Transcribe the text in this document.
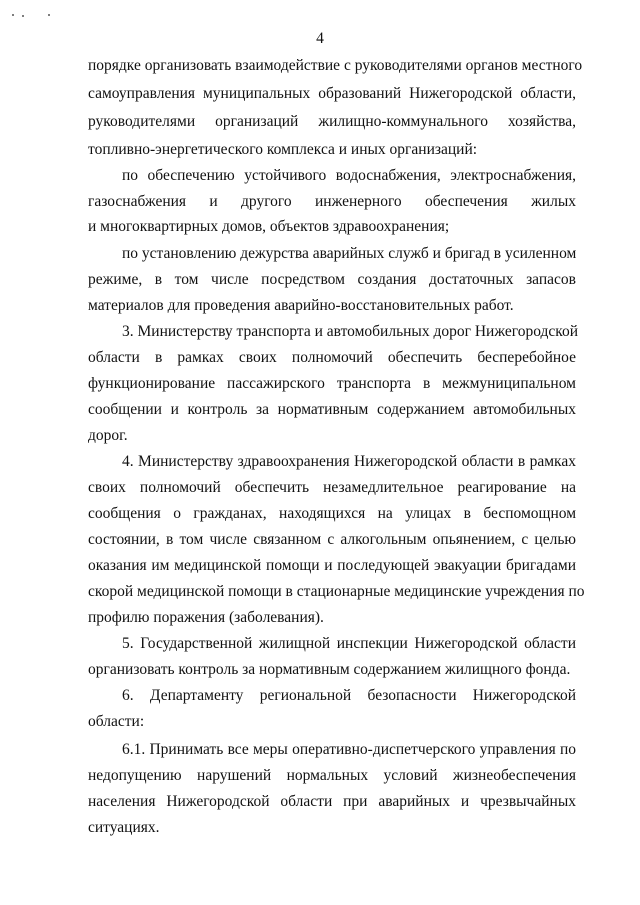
4
порядке организовать взаимодействие с руководителями органов местного
самоуправления муниципальных образований Нижегородской области,
руководителями организаций жилищно-коммунального хозяйства,
топливно-энергетического комплекса и иных организаций:
по обеспечению устойчивого водоснабжения, электроснабжения,
газоснабжения и другого инженерного обеспечения жилых
и многоквартирных домов, объектов здравоохранения;
по установлению дежурства аварийных служб и бригад в усиленном
режиме, в том числе посредством создания достаточных запасов
материалов для проведения аварийно-восстановительных работ.
3. Министерству транспорта и автомобильных дорог Нижегородской
области в рамках своих полномочий обеспечить бесперебойное
функционирование пассажирского транспорта в межмуниципальном
сообщении и контроль за нормативным содержанием автомобильных
дорог.
4. Министерству здравоохранения Нижегородской области в рамках
своих полномочий обеспечить незамедлительное реагирование на
сообщения о гражданах, находящихся на улицах в беспомощном
состоянии, в том числе связанном с алкогольным опьянением, с целью
оказания им медицинской помощи и последующей эвакуации бригадами
скорой медицинской помощи в стационарные медицинские учреждения по
профилю поражения (заболевания).
5. Государственной жилищной инспекции Нижегородской области
организовать контроль за нормативным содержанием жилищного фонда.
6. Департаменту региональной безопасности Нижегородской
области:
6.1. Принимать все меры оперативно-диспетчерского управления по
недопущению нарушений нормальных условий жизнеобеспечения
населения Нижегородской области при аварийных и чрезвычайных
ситуациях.
